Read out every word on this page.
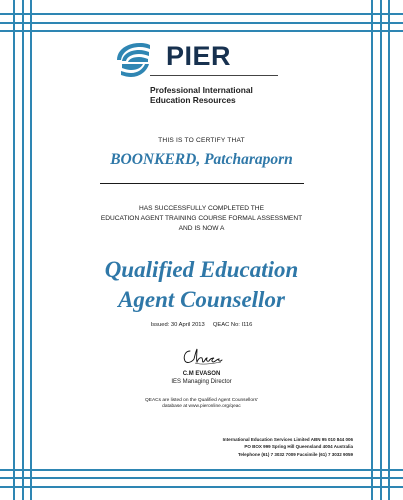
PIER
Professional International
Education Resources
THIS IS TO CERTIFY THAT
BOONKERD, Patcharaporn
HAS SUCCESSFULLY COMPLETED THE
EDUCATION AGENT TRAINING COURSE FORMAL ASSESSMENT
AND IS NOW A
Qualified Education
Agent Counsellor
Issued: 30 April 2013 QEAC No: I116
C.M EVASON
IES Managing Director
QEACs are listed on the Qualified Agent Counsellors'
database at www.pieronline.org/qeac
International Education Services Limited ABN 95 010 844 006
PO BOX 999 Spring Hill Queensland 4004 Australia
Telephone (61) 7 3032 7009 Facsimile (61) 7 3032 9059
